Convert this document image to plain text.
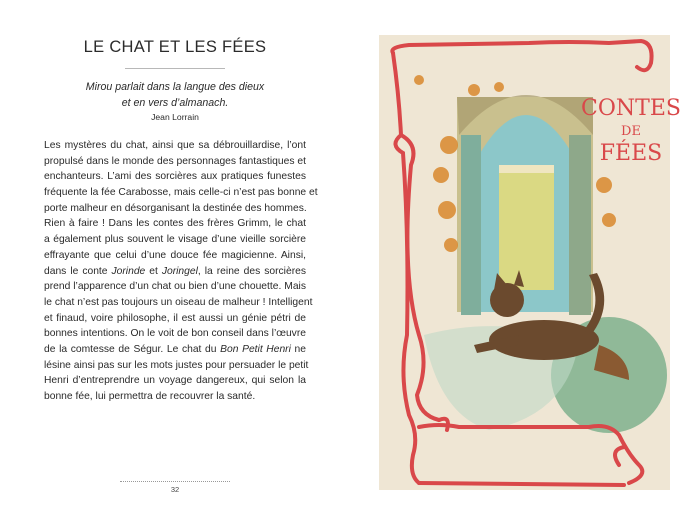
LE CHAT ET LES FÉES
Mirou parlait dans la langue des dieux
et en vers d’almanach.
Jean Lorrain
Les mystères du chat, ainsi que sa débrouillardise, l’ont
propulsé dans le monde des personnages fantastiques et
enchanteurs. L’ami des sorcières aux pratiques funestes
fréquente la fée Carabosse, mais celle-ci n’est pas bonne et
porte malheur en désorganisant la destinée des hommes.
Rien à faire ! Dans les contes des frères Grimm, le chat
a également plus souvent le visage d’une vieille sorcière
effrayante que celui d’une douce fée magicienne. Ainsi,
dans le conte Jorinde et Joringel, la reine des sorcières
prend l’apparence d’un chat ou bien d’une chouette. Mais
le chat n’est pas toujours un oiseau de malheur ! Intelligent
et finaud, voire philosophe, il est aussi un génie pétri de
bonnes intentions. On le voit de bon conseil dans l’œuvre
de la comtesse de Ségur. Le chat du Bon Petit Henri ne
lésine ainsi pas sur les mots justes pour persuader le petit
Henri d’entreprendre un voyage dangereux, qui selon la
bonne fée, lui permettra de recouvrer la santé.
32
CONTES
DE
FÉES
